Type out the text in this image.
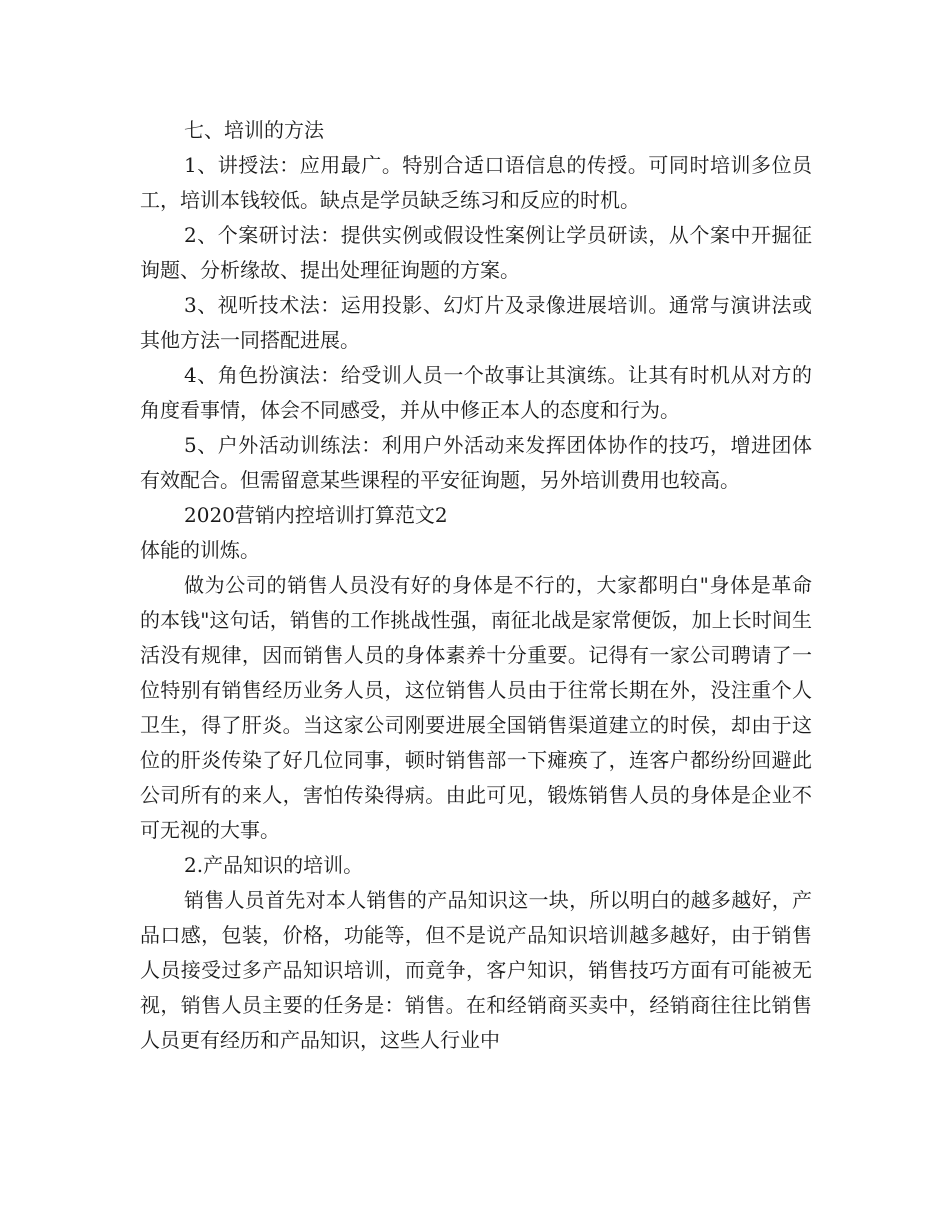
七、培训的方法

1、讲授法：应用最广。特别合适口语信息的传授。可同时培训多位员工，培训本钱较低。缺点是学员缺乏练习和反应的时机。

2、个案研讨法：提供实例或假设性案例让学员研读，从个案中开掘征询题、分析缘故、提出处理征询题的方案。

3、视听技术法：运用投影、幻灯片及录像进展培训。通常与演讲法或其他方法一同搭配进展。

4、角色扮演法：给受训人员一个故事让其演练。让其有时机从对方的角度看事情，体会不同感受，并从中修正本人的态度和行为。

5、户外活动训练法：利用户外活动来发挥团体协作的技巧，增进团体有效配合。但需留意某些课程的平安征询题，另外培训费用也较高。

2020营销内控培训打算范文2

体能的训炼。

做为公司的销售人员没有好的身体是不行的，大家都明白"身体是革命的本钱"这句话，销售的工作挑战性强，南征北战是家常便饭，加上长时间生活没有规律，因而销售人员的身体素养十分重要。记得有一家公司聘请了一位特别有销售经历业务人员，这位销售人员由于往常长期在外，没注重个人卫生，得了肝炎。当这家公司刚要进展全国销售渠道建立的时侯，却由于这位的肝炎传染了好几位同事，顿时销售部一下瘫痪了，连客户都纷纷回避此公司所有的来人，害怕传染得病。由此可见，锻炼销售人员的身体是企业不可无视的大事。

2.产品知识的培训。

销售人员首先对本人销售的产品知识这一块，所以明白的越多越好，产品口感，包装，价格，功能等，但不是说产品知识培训越多越好，由于销售人员接受过多产品知识培训，而竟争，客户知识，销售技巧方面有可能被无视，销售人员主要的任务是：销售。在和经销商买卖中，经销商往往比销售人员更有经历和产品知识，这些人行业中
